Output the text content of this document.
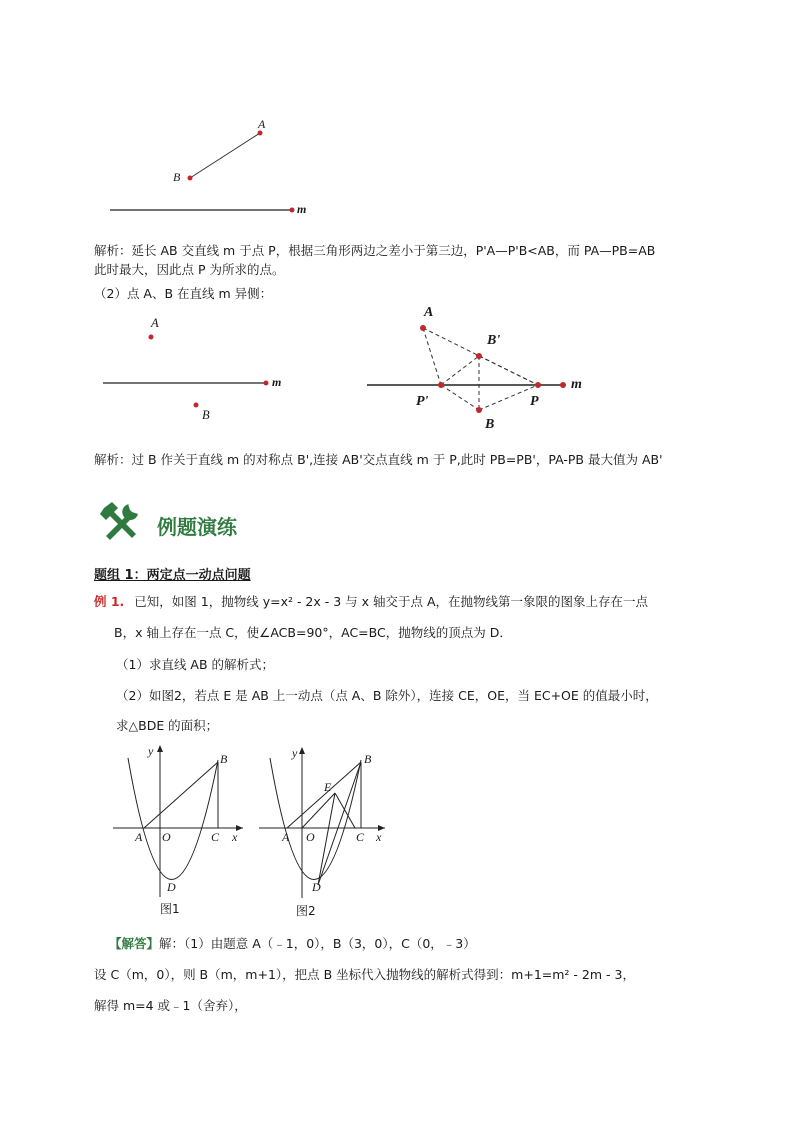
A
B
m
解析：延长 AB 交直线 m 于点 P，根据三角形两边之差小于第三边，P'A—P'B<AB，而 PA—PB=AB
此时最大，因此点 P 为所求的点。
（2）点 A、B 在直线 m 异侧：
A
B
m
A
B'
P'	P
B
m
解析：过 B 作关于直线 m 的对称点 B',连接 AB'交点直线 m 于 P,此时 PB=PB'，PA-PB 最大值为 AB'
例题演练
题组 1：两定点一动点问题
例 1. 已知，如图 1，抛物线 y=x² - 2x - 3 与 x 轴交于点 A，在抛物线第一象限的图象上存在一点
B，x 轴上存在一点 C，使∠ACB=90°，AC=BC，抛物线的顶点为 D．
（1）求直线 AB 的解析式；
（2）如图2，若点 E 是 AB 上一动点（点 A、B 除外），连接 CE，OE，当 EC+OE 的值最小时，
求△BDE 的面积；
y
x
A O	C
B
D
图1
y
x
A O	C
B
E
D
图2
【解答】解：（1）由题意 A（﹣1，0），B（3，0），C（0，﹣3）
设 C（m，0），则 B（m，m+1），把点 B 坐标代入抛物线的解析式得到：m+1=m² - 2m - 3，
解得 m=4 或﹣1（舍弃），
